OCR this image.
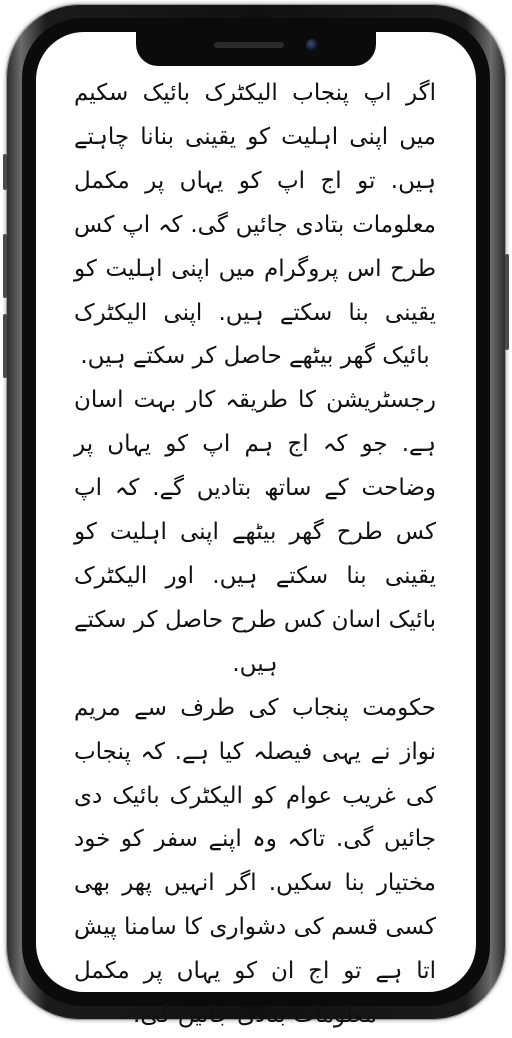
اگر اپ پنجاب الیکٹرک بائیک سکیم میں اپنی اہلیت کو یقینی بنانا چاہتے ہیں. تو اج اپ کو یہاں پر مکمل معلومات بتادی جائیں گی. کہ اپ کس طرح اس پروگرام میں اپنی اہلیت کو یقینی بنا سکتے ہیں. اپنی الیکٹرک بائیک گھر بیٹھے حاصل کر سکتے ہیں.

رجسٹریشن کا طریقہ کار بہت اسان ہے. جو کہ اج ہم اپ کو یہاں پر وضاحت کے ساتھ بتادیں گے. کہ اپ کس طرح گھر بیٹھے اپنی اہلیت کو یقینی بنا سکتے ہیں. اور الیکٹرک بائیک اسان کس طرح حاصل کر سکتے ہیں.

حکومت پنجاب کی طرف سے مریم نواز نے یہی فیصلہ کیا ہے. کہ پنجاب کی غریب عوام کو الیکٹرک بائیک دی جائیں گی. تاکہ وہ اپنے سفر کو خود مختیار بنا سکیں. اگر انہیں پھر بھی کسی قسم کی دشواری کا سامنا پیش اتا ہے تو اج ان کو یہاں پر مکمل معلومات بتادی جائیں گی.
